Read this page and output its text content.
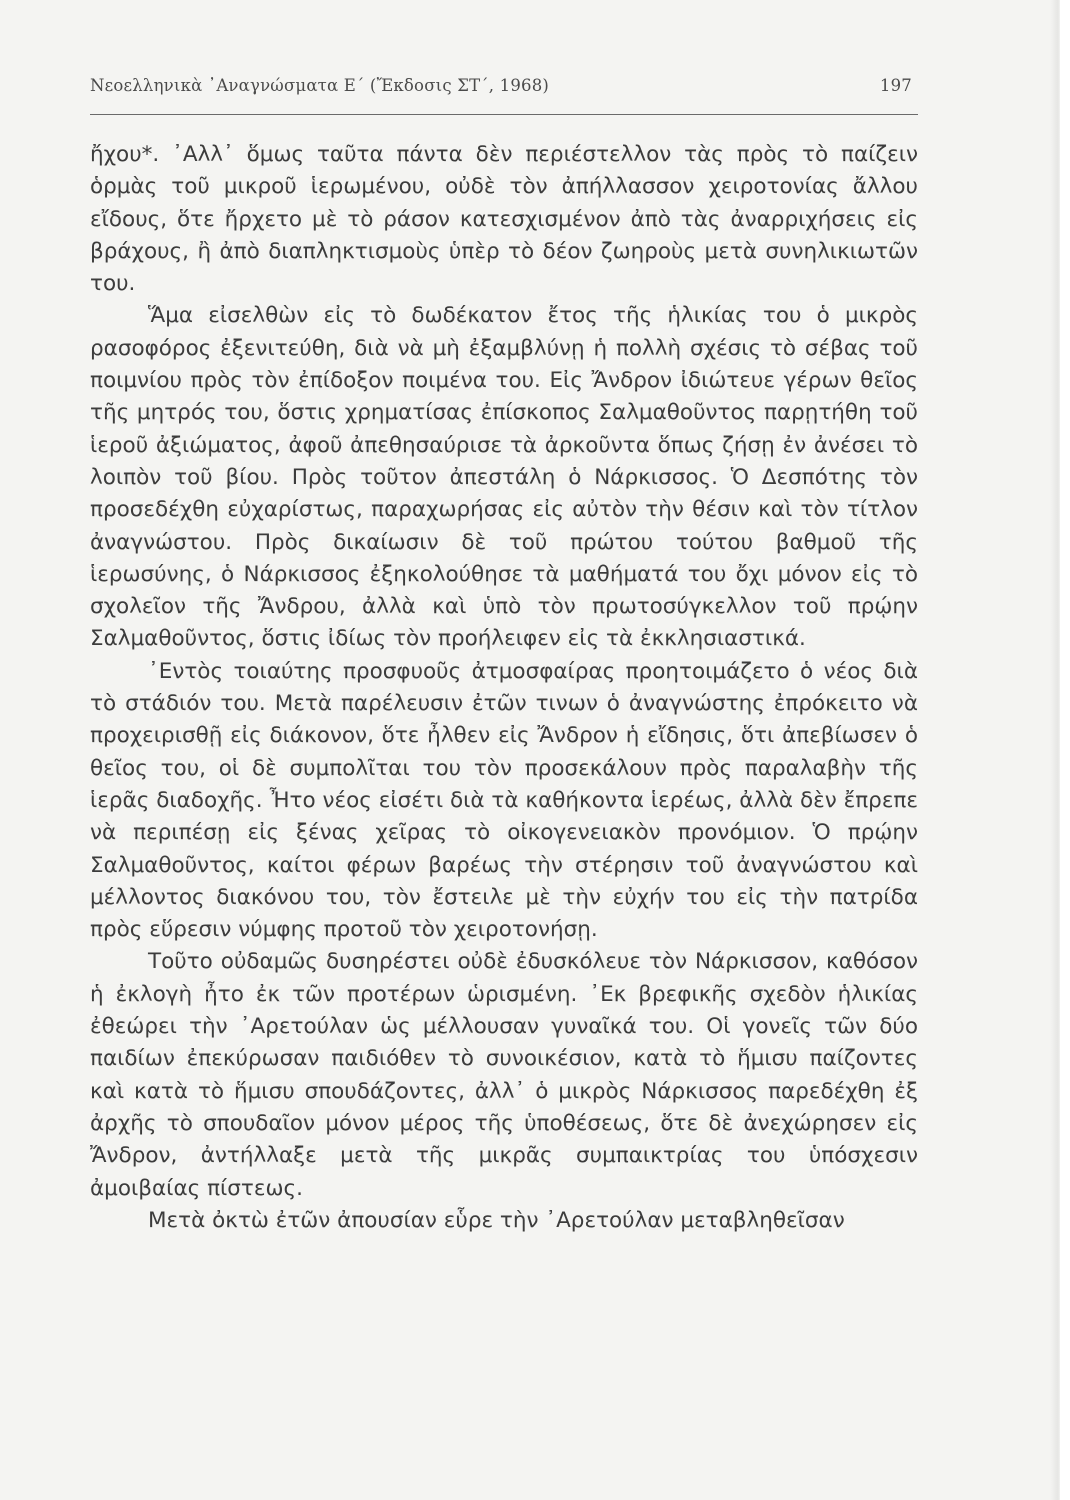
Νεοελληνικὰ ᾿Αναγνώσματα Ε΄ (Ἔκδοσις ΣΤ΄, 1968)	197

ἤχου*. ᾿Αλλ᾿ ὅμως ταῦτα πάντα δὲν περιέστελλον τὰς πρὸς τὸ παίζειν ὁρμὰς τοῦ μικροῦ ἱερωμένου, οὐδὲ τὸν ἀπήλλασσον χειροτονίας ἄλλου εἴδους, ὅτε ἤρχετο μὲ τὸ ράσον κατεσχισμένον ἀπὸ τὰς ἀναρριχήσεις εἰς βράχους, ἢ ἀπὸ διαπληκτισμοὺς ὑπὲρ τὸ δέον ζωηροὺς μετὰ συνηλικιωτῶν του.

Ἅμα εἰσελθὼν εἰς τὸ δωδέκατον ἔτος τῆς ἡλικίας του ὁ μικρὸς ρασοφόρος ἐξενιτεύθη, διὰ νὰ μὴ ἐξαμβλύνῃ ἡ πολλὴ σχέσις τὸ σέβας τοῦ ποιμνίου πρὸς τὸν ἐπίδοξον ποιμένα του. Εἰς Ἄνδρον ἰδιώτευε γέρων θεῖος τῆς μητρός του, ὅστις χρηματίσας ἐπίσκοπος Σαλμαθοῦντος παρῃτήθη τοῦ ἱεροῦ ἀξιώματος, ἀφοῦ ἀπεθησαύρισε τὰ ἀρκοῦντα ὅπως ζήσῃ ἐν ἀνέσει τὸ λοιπὸν τοῦ βίου. Πρὸς τοῦτον ἀπεστάλη ὁ Νάρκισσος. Ὁ Δεσπότης τὸν προσεδέχθη εὐχαρίστως, παραχωρήσας εἰς αὐτὸν τὴν θέσιν καὶ τὸν τίτλον ἀναγνώστου. Πρὸς δικαίωσιν δὲ τοῦ πρώτου τούτου βαθμοῦ τῆς ἱερωσύνης, ὁ Νάρκισσος ἐξηκολούθησε τὰ μαθήματά του ὄχι μόνον εἰς τὸ σχολεῖον τῆς Ἄνδρου, ἀλλὰ καὶ ὑπὸ τὸν πρωτοσύγκελλον τοῦ πρῴην Σαλμαθοῦντος, ὅστις ἰδίως τὸν προήλειφεν εἰς τὰ ἐκκλησιαστικά.

᾿Εντὸς τοιαύτης προσφυοῦς ἀτμοσφαίρας προητοιμάζετο ὁ νέος διὰ τὸ στάδιόν του. Μετὰ παρέλευσιν ἐτῶν τινων ὁ ἀναγνώστης ἐπρόκειτο νὰ προχειρισθῇ εἰς διάκονον, ὅτε ἦλθεν εἰς Ἄνδρον ἡ εἴδησις, ὅτι ἀπεβίωσεν ὁ θεῖος του, οἱ δὲ συμπολῖται του τὸν προσεκάλουν πρὸς παραλαβὴν τῆς ἱερᾶς διαδοχῆς. Ἦτο νέος εἰσέτι διὰ τὰ καθήκοντα ἱερέως, ἀλλὰ δὲν ἔπρεπε νὰ περιπέσῃ εἰς ξένας χεῖρας τὸ οἰκογενειακὸν προνόμιον. Ὁ πρῴην Σαλμαθοῦντος, καίτοι φέρων βαρέως τὴν στέρησιν τοῦ ἀναγνώστου καὶ μέλλοντος διακόνου του, τὸν ἔστειλε μὲ τὴν εὐχήν του εἰς τὴν πατρίδα πρὸς εὕρεσιν νύμφης προτοῦ τὸν χειροτονήσῃ.

Τοῦτο οὐδαμῶς δυσηρέστει οὐδὲ ἐδυσκόλευε τὸν Νάρκισσον, καθόσον ἡ ἐκλογὴ ἦτο ἐκ τῶν προτέρων ὡρισμένη. ᾿Εκ βρεφικῆς σχεδὸν ἡλικίας ἐθεώρει τὴν ᾿Αρετούλαν ὡς μέλλουσαν γυναῖκά του. Οἱ γονεῖς τῶν δύο παιδίων ἐπεκύρωσαν παιδιόθεν τὸ συνοικέσιον, κατὰ τὸ ἥμισυ παίζοντες καὶ κατὰ τὸ ἥμισυ σπουδάζοντες, ἀλλ᾿ ὁ μικρὸς Νάρκισσος παρεδέχθη ἐξ ἀρχῆς τὸ σπουδαῖον μόνον μέρος τῆς ὑποθέσεως, ὅτε δὲ ἀνεχώρησεν εἰς Ἄνδρον, ἀντήλλαξε μετὰ τῆς μικρᾶς συμπαικτρίας του ὑπόσχεσιν ἀμοιβαίας πίστεως.

Μετὰ ὀκτὼ ἐτῶν ἀπουσίαν εὗρε τὴν ᾿Αρετούλαν μεταβληθεῖσαν
